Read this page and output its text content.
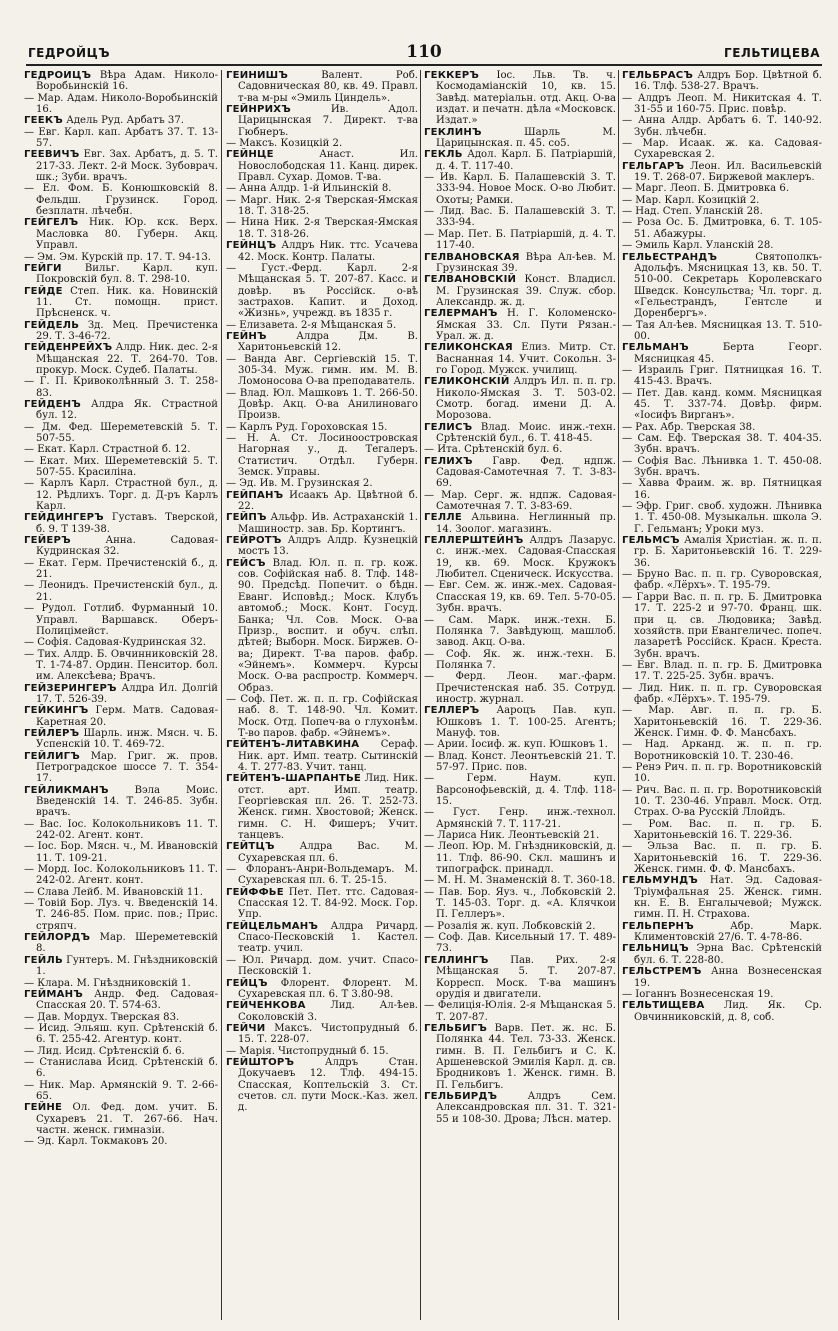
ГЕДРОЙЦЪ	110	ГЕЛЬТИЦЕВА

ГЕДРОЙЦЪ Вѣра Адам. Николо-Воробьинскій 16.

— Мар. Адам. Николо-Воробьинскій 16.

ГЕЕКЪ Адель Руд. Арбатъ 37.

— Евг. Карл. кап. Арбатъ 37. Т. 13-57.

ГЕЕВИЧЪ Евг. Зах. Арбатъ, д. 5. Т. 217-33. Лект. 2-й Моск. Зубоврач. шк.; Зуби. врачъ.

— Ел. Фом. Б. Конюшковскій 8. Фельдш. Грузинск. Город. безплатн. лѣчебн.

ГЕЙГЕЛЪ Ник. Юр. кск. Верх. Масловка 80. Губерн. Акц. Управл.

— Эм. Эм. Курскій пр. 17. Т. 94-13.

ГЕЙГИ Вильг. Карл. куп. Покровскій бул. 8. Т. 298-10.

ГЕЙДЕ Степ. Ник. ка. Новинскій 11. Ст. помощн. прист. Прѣсненск. ч.

ГЕЙДЕЛЬ Зд. Мец. Пречистенка 29. Т. 3-46-72.

ГЕЙДЕНРЕЙХЪ Алдр. Ник. дес. 2-я Мѣщанская 22. Т. 264-70. Тов. прокур. Моск. Судеб. Палаты.

— Г. П. Кривоколѣнный 3. Т. 258-83.

ГЕЙДЕНЪ Алдра Як. Страстной бул. 12.

— Дм. Фед. Шереметевскій 5. Т. 507-55.

— Екат. Карл. Страстной б. 12.

— Екат. Мих. Шереметевскій 5. Т. 507-55. Красиліна.

— Карлъ Карл. Страстной бул., д. 12. Рѣдлихъ. Торг. д. Д-ръ Карлъ Карл.

ГЕЙДИНГЕРЪ Густавъ. Тверской, б. 9. Т 139-38.

ГЕЙЕРЪ	Анна. Садовая-Кудринская 32.

— Екат. Герм. Пречистенскій б., д. 21.

— Леонидъ. Пречистенскій бул., д. 21.

— Рудол. Готлиб. Фурманный 10. Управл. Варшавск. Оберъ-Полицімейст.

— Софія. Садовая-Кудринская 32.

— Тих. Алдр. Б. Овчинниковскій 28. Т. 1-74-87. Ордин. Пенситор. бол. им. Алексѣева; Врачъ.

ГЕЙЗЕРИНГЕРЪ Алдра Ил. Долгій 17. Т. 526-39.

ГЕЙКИНГЪ Герм. Матв. Садовая-Каретная 20.

ГЕЙЛЕРЪ Шарль. инж. Мясн. ч. Б. Успенскій 10. Т. 469-72.

ГЕЙЛИГЪ Мар. Григ. ж. пров. Петроградское шоссе 7. Т. 354-17.

ГЕЙЛИКМАНЪ	Вэла Моис. Введенскій 14. Т. 246-85. Зубн. врачъ.

— Вас. Іос. Колокольниковъ 11. Т. 242-02. Агент. конт.

— Іос. Бор. Мясн. ч., М. Ивановскій 11. Т. 109-21.

— Морд. Іос. Колокольниковъ 11. Т. 242-02. Агент. конт.

— Слава Лейб. М. Ивановскій 11.

— Товій Бор. Луз. ч. Введенскій 14. Т. 246-85. Пом. прис. пов.; Прис. стряпч.

ГЕЙЛОРДЪ Мар. Шереметевскій 8.

ГЕЙЛЬ Гунтеръ. М. Гнѣздниковскій 1.

— Клара. М. Гнѣздниковскій 1.

ГЕЙМАНЪ Андр. Фед. Садовая-Спасская 20. Т. 574-63.

— Дав. Мордух. Тверская 83.

— Исид. Эльяш. куп. Срѣтенскій б. 6. Т. 255-42. Агентур. конт.

— Лид. Исид. Срѣтенскій б. 6.

— Станислава Исид. Срѣтенскій б. 6.

— Ник. Мар. Армянскій 9. Т. 2-66-65.

ГЕЙНЕ Ол. Фед. дом. учит. Б. Сухаревъ 21. Т. 267-66. Нач. частн. женск. гимназіи.

— Эд. Карл. Токмаковъ 20.

ГЕЙНИШЪ	Валент. Роб. Садовническая 80, кв. 49. Правл. т-ва м-ры «Эмиль Циндель».

ГЕЙНРИХЪ	Ив. Адол. Царицынская 7. Директ. т-ва Гюбнеръ.

— Максъ. Козицкій 2.

ГЕЙНЦЕ	Анаст. Ил. Новослободская 11. Канц. дирек. Правл. Сухар. Домов. Т-ва.

— Анна Алдр. 1-й Ильинскій 8.

— Марг. Ник. 2-я Тверская-Ямская 18. Т. 318-25.

— Нина Ник. 2-я Тверская-Ямская 18. Т. 318-26.

ГЕЙНЦЪ Алдръ Ник. ттс. Усачева 42. Моск. Контр. Палаты.

— Густ.-Ферд. Карл. 2-я Мѣщанская 5. Т. 207-87. Касс. и довѣр. въ Россійск. о-вѣ застрахов. Капит. и Доход. «Жизнь», учрежд. въ 1835 г.

— Елизавета. 2-я Мѣщанская 5.

ГЕЙНЪ	Алдра Дм. В. Харитоньевскій 12.

— Ванда Авг. Сергіевскій 15. Т. 305-34. Муж. гимн. им. М. В. Ломоносова О-ва преподаватель.

— Влад. Юл. Машковъ 1. Т. 266-50. Довѣр. Акц. О-ва Анилиноваго Произв.

— Карлъ Руд. Гороховская 15.

— Н. А. Ст. Лосиноостровская Нагорная у., д. Тегалеръ. Статистич. Отдѣл. Губерн. Земск. Управы.

— Эд. Ив. М. Грузинская 2.

ГЕЙПАНЪ Исаакъ Ар. Цвѣтной б. 22.

ГЕЙПЪ Альфр. Ив. Астраханскій 1. Машиностр. зав. Бр. Кортингъ.

ГЕЙРОТЪ Алдръ Алдр. Кузнецкій мостъ 13.

ГЕЙСЪ Влад. Юл. п. п. гр. кож. сов. Софійская наб. 8. Тлф. 148-90. Предсѣд. Попечит. о бѣдн. Еванг. Исповѣд.; Моск. Клубъ автомоб.; Моск. Конт. Госуд. Банка; Чл. Сов. Моск. О-ва Призр., воспит. и обуч. слѣп. дѣтей; Выборн. Моск. Биржев. О-ва; Директ. Т-ва паров. фабр. «Эйнемъ». Коммерч. Курсы Моск. О-ва распростр. Коммерч. Образ.

— Соф. Пет. ж. п. п. гр. Софійская наб. 8. Т. 148-90. Чл. Комит. Моск. Отд. Попеч-ва о глухонѣм. Т-во паров. фабр. «Эйнемъ».

ГЕЙТЕНЪ-ЛИТАВКИНА Сераф. Ник. арт. Имп. театр. Сытинскій 4. Т. 277-83. Учит. танц.

ГЕЙТЕНЪ-ШАРПАНТЬЕ Лид. Ник. отст. арт. Имп. театр. Георгіевская пл. 26. Т. 252-73. Женск. гимн. Хвостовой; Женск. гимн. С. Н. Фишеръ; Учит. танцевъ.

ГЕЙТЦЪ Алдра Вас. М. Сухаревская пл. 6.

— Флоранъ-Анри-Вольдемаръ. М. Сухаревская пл. 6. Т. 25-15.

ГЕЙФФЬЕ Пет. Пет. ттс. Садовая-Спасская 12. Т. 84-92. Моск. Гор. Упр.

ГЕЙЦЕЛЬМАНЪ Алдра Ричард. Спасо-Песковскій 1. Кастел. театр. учил.

— Юл. Ричард. дом. учит. Спасо-Песковскій 1.

ГЕЙЦЪ Флорент. Флорент. М. Сухаревская пл. 6. Т 3.80-98.

ГЕЙЧЕНКОВА Лид. Ал-ѣев. Соколовскій 3.

ГЕЙЧИ Максъ. Чистопрудный б. 15. Т. 228-07.

— Марія. Чистопрудный б. 15.

ГЕЙШТОРЪ	Алдръ Стан. Докучаевъ 12. Тлф. 494-15. Спасская, Коптельскій 3. Ст. счетов. сл. пути Моск.-Каз. жел. д.

ГЕККЕРЪ Іос. Льв. Тв. ч. Космодаміанскій 10, кв. 15. Завѣд. матеріальн. отд. Акц. О-ва издат. и печатн. дѣла «Московск. Издат.»

ГЕКЛИНЪ	Шарль М. Царицынская. п. 45. со5.

ГЕКЛЬ Адол. Карл. Б. Патріаршій, д. 4. Т. 117-40.

— Ив. Карл. Б. Палашевскій 3. Т. 333-94. Новое Моск. О-во Любит. Охоты; Рамки.

— Лид. Вас. Б. Палашевскій 3. Т. 333-94.

— Мар. Пет. Б. Патріаршій, д. 4. Т. 117-40.

ГЕЛВАНОВСКАЯ Вѣра Ал-ѣев. М. Грузинская 39.

ГЕЛВАНОВСКІЙ Конст. Владисл. М. Грузинская 39. Служ. сбор. Александр. ж. д.

ГЕЛЕРМАНЪ Н. Г. Коломенско-Ямская 33. Сл. Пути Рязан.-Урал. ж. д.

ГЕЛИКОНСКАЯ Елиз. Митр. Ст. Васнанная 14. Учит. Сокольн. 3-го Город. Мужск. училищ.

ГЕЛИКОНСКІЙ Алдръ Ил. п. п. гр. Николо-Ямская 3. Т. 503-02. Смотр. богад. имени Д. А. Морозова.

ГЕЛИСЪ Влад. Моис. инж.-техн. Срѣтенскій бул., 6. Т. 418-45.

— Ита. Срѣтенскій бул. 6.

ГЕЛИХЪ Гавр. Фед. ндпж. Садовая-Самотечная 7. Т. 3-83-69.

— Мар. Серг. ж. ндпж. Садовая-Самотечная 7. Т. 3-83-69.

ГЕЛЛЕ Альвина. Неглинный пр. 14. Зоолог. магазинъ.

ГЕЛЛЕРШТЕЙНЪ Алдръ Лазарус. с. инж.-мех. Садовая-Спасская 19, кв. 69. Моск. Кружокъ Любител. Сценическ. Искусства.

— Евг. Сем. ж. инж.-мех. Садовая-Спасская 19, кв. 69. Тел. 5-70-05. Зубн. врачъ.

— Сам. Марк. инж.-техн. Б. Полянка 7. Завѣдующ. машлоб. завод. Акц. О-ва.

— Соф. Як. ж. инж.-техн. Б. Полянка 7.

— Ферд. Леон. маг.-фарм. Пречистенская наб. 35. Сотруд. иностр. журнал.

ГЕЛЛЕРЪ Аароцъ Пав. куп. Юшковъ 1. Т. 100-25. Агентъ; Мануф. тов.

— Арии. Іосиф. ж. куп. Юшковъ 1.

— Влад. Конст. Леонтьевскій 21. Т. 57-97. Прис. пов.

— Герм. Наум. куп. Варсонофьевскій, д. 4. Тлф. 118-15.

— Густ. Генр. инж.-технол. Армянскій 7. Т. 117-21.

— Лариса Ник. Леонтьевскій 21.

— Леоп. Юр. М. Гнѣздниковскій, д. 11. Тлф. 86-90. Скл. машинъ и типографск. принадл.

— М. Н. М. Знаменскій 8. Т. 360-18.

— Пав. Бор. Яуз. ч., Лобковскій 2. Т. 145-03. Торг. д. «А. Клячкои П. Геллеръ».

— Розалія ж. куп. Лобковскій 2.

— Соф. Дав. Кисельный 17. Т. 489-73.

ГЕЛЛИНГЪ Пав. Рих. 2-я Мѣщанская 5. Т. 207-87. Корресп. Моск. Т-ва машинъ орудія и двигатели.

— Фелиція-Юлія. 2-я Мѣщанская 5. Т. 207-87.

ГЕЛЬБИГЪ Варв. Пет. ж. нс. Б. Полянка 44. Тел. 73-33. Женск. гимн. В. П. Гельбигъ и С. К. Аршеневской Эмилія Карл. д. св. Бродниковъ 1. Женск. гимн. В. П. Гельбигъ.

ГЕЛЬБИРДЪ	Алдръ Сем. Александровская пл. 31. Т. 321-55 и 108-30. Дрова; Лѣсн. матер.

ГЕЛЬБРАСЪ Алдръ Бор. Цвѣтной б. 16. Тлф. 538-27. Врачъ.

— Алдръ Леоп. М. Никитская 4. Т. 31-55 и 160-75. Прис. повѣр.

— Анна Алдр. Арбатъ 6. Т. 140-92. Зубн. лѣчебн.

— Мар. Исаак. ж. ка. Садовая-Сухаревская 2.

ГЕЛЬГАРЪ Леон. Ил. Васильевскій 19. Т. 268-07. Биржевой маклеръ.

— Марг. Леоп. Б. Дмитровка 6.

— Мар. Карл. Козицкій 2.

— Над. Степ. Уланскій 28.

— Роза Ос. Б. Дмитровка, 6. Т. 105-51. Абажуры.

— Эмиль Карл. Уланскій 28.

ГЕЛЬЕСТРАНДЪ	Святополкъ-Адольфъ. Мясницкая 13, кв. 50. Т. 510-00. Секретарь Королевскаго Шведск. Консульства; Чл. торг. д. «Гельестрандъ, Гентсле и Доренбергъ».

— Тая Ал-ѣев. Мясницкая 13. Т. 510-00.

ГЕЛЬМАНЪ	Берта Георг. Мясницкая 45.

— Израиль Григ. Пятницкая 16. Т. 415-43. Врачъ.

— Пет. Дав. канд. комм. Мясницкая 45. Т. 337-74. Довѣр. фирм. «Іосифъ Вирганъ».

— Рах. Абр. Тверская 38.

— Сам. Еф. Тверская 38. Т. 404-35. Зубн. врачъ.

— Софія Вас. Лѣнивка 1. Т. 450-08. Зубн. врачъ.

— Хавва Фраим. ж. вр. Пятницкая 16.

— Эфр. Григ. своб. художн. Лѣнивка 1. Т. 450-08. Музыкальн. школа Э. Г. Гельманъ; Уроки муз.

ГЕЛЬМСЪ Амалія Христіан. ж. п. п. гр. Б. Харитоньевскій 16. Т. 229-36.

— Бруно Вас. п. п. гр. Суворовская, фабр. «Лёрхъ». Т. 195-79.

— Гарри Вас. п. п. гр. Б. Дмитровка 17. Т. 225-2 и 97-70. Франц. шк. при ц. св. Людовика; Завѣд. хозяйств. при Евангеличес. попеч. лазаретѣ Россійск. Красн. Креста. Зубн. врачъ.

— Евг. Влад. п. п. гр. Б. Дмитровка 17. Т. 225-25. Зубн. врачъ.

— Лид. Ник. п. п. гр. Суворовская фабр. «Лёрхъ». Т. 195-79.

— Мар. Авг. п. п. гр. Б. Харитоньевскій 16. Т. 229-36. Женск. Гимн. Ф. Ф. Мансбахъ.

— Над. Арканд. ж. п. п. гр. Воротниковскій 10. Т. 230-46.

— Ренэ Рич. п. п. гр. Воротниковскій 10.

— Рич. Вас. п. п. гр. Воротниковскій 10. Т. 230-46. Управл. Моск. Отд. Страх. О-ва Русскій Ллойдъ.

— Ром. Вас. п. п. гр. Б. Харитоньевскій 16. Т. 229-36.

— Эльза Вас. п. п. гр. Б. Харитоньевскій 16. Т. 229-36. Женск. гимн. Ф. Ф. Мансбахъ.

ГЕЛЬМУНДЪ Нат. Эд. Садовая-Тріумфальная 25. Женск. гимн. кн. Е. В. Енгалычевой; Мужск. гимн. П. Н. Страхова.

ГЕЛЬПЕРНЪ	Абр. Марк. Климентовскій 27/6. Т. 4-78-86.

ГЕЛЬНИЦЪ Эрна Вас. Срѣтенскій бул. 6. Т. 228-80.

ГЕЛЬСТРЕМЪ Анна Вознесенская 19.

— Іоганнъ Вознесенская 19.

ГЕЛЬТИЩЕВА Лид. Як. Ср. Овчинниковскій, д. 8, соб.
